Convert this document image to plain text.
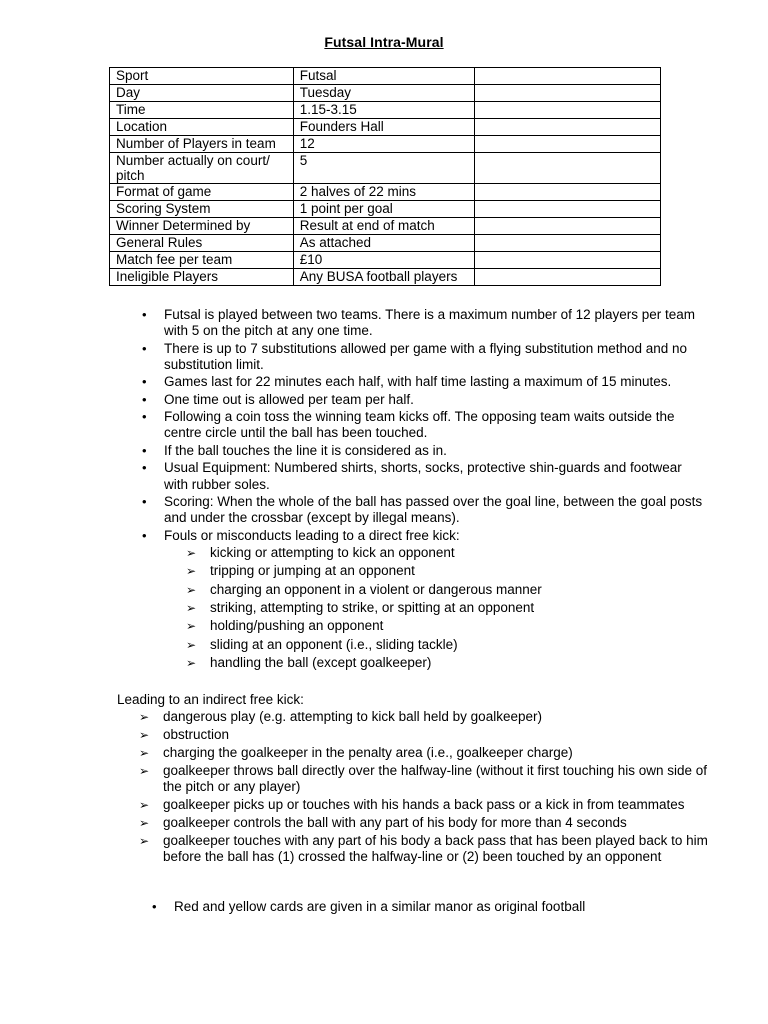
Futsal Intra-Mural
Sport	Futsal	
Day	Tuesday	
Time	1.15-3.15	
Location	Founders Hall	
Number of Players in team	12	
Number actually on court/ pitch	5	
Format of game	2 halves of 22 mins	
Scoring System	1 point per goal	
Winner Determined by	Result at end of match	
General Rules	As attached	
Match fee per team	£10	
Ineligible Players	Any BUSA football players	
• Futsal is played between two teams. There is a maximum number of 12 players per team with 5 on the pitch at any one time.
• There is up to 7 substitutions allowed per game with a flying substitution method and no substitution limit.
• Games last for 22 minutes each half, with half time lasting a maximum of 15 minutes.
• One time out is allowed per team per half.
• Following a coin toss the winning team kicks off. The opposing team waits outside the centre circle until the ball has been touched.
• If the ball touches the line it is considered as in.
• Usual Equipment: Numbered shirts, shorts, socks, protective shin-guards and footwear with rubber soles.
• Scoring: When the whole of the ball has passed over the goal line, between the goal posts and under the crossbar (except by illegal means).
• Fouls or misconducts leading to a direct free kick:
➢ kicking or attempting to kick an opponent
➢ tripping or jumping at an opponent
➢ charging an opponent in a violent or dangerous manner
➢ striking, attempting to strike, or spitting at an opponent
➢ holding/pushing an opponent
➢ sliding at an opponent (i.e., sliding tackle)
➢ handling the ball (except goalkeeper)
Leading to an indirect free kick:
➢ dangerous play (e.g. attempting to kick ball held by goalkeeper)
➢ obstruction
➢ charging the goalkeeper in the penalty area (i.e., goalkeeper charge)
➢ goalkeeper throws ball directly over the halfway-line (without it first touching his own side of the pitch or any player)
➢ goalkeeper picks up or touches with his hands a back pass or a kick in from teammates
➢ goalkeeper controls the ball with any part of his body for more than 4 seconds
➢ goalkeeper touches with any part of his body a back pass that has been played back to him before the ball has (1) crossed the halfway-line or (2) been touched by an opponent
• Red and yellow cards are given in a similar manor as original football
